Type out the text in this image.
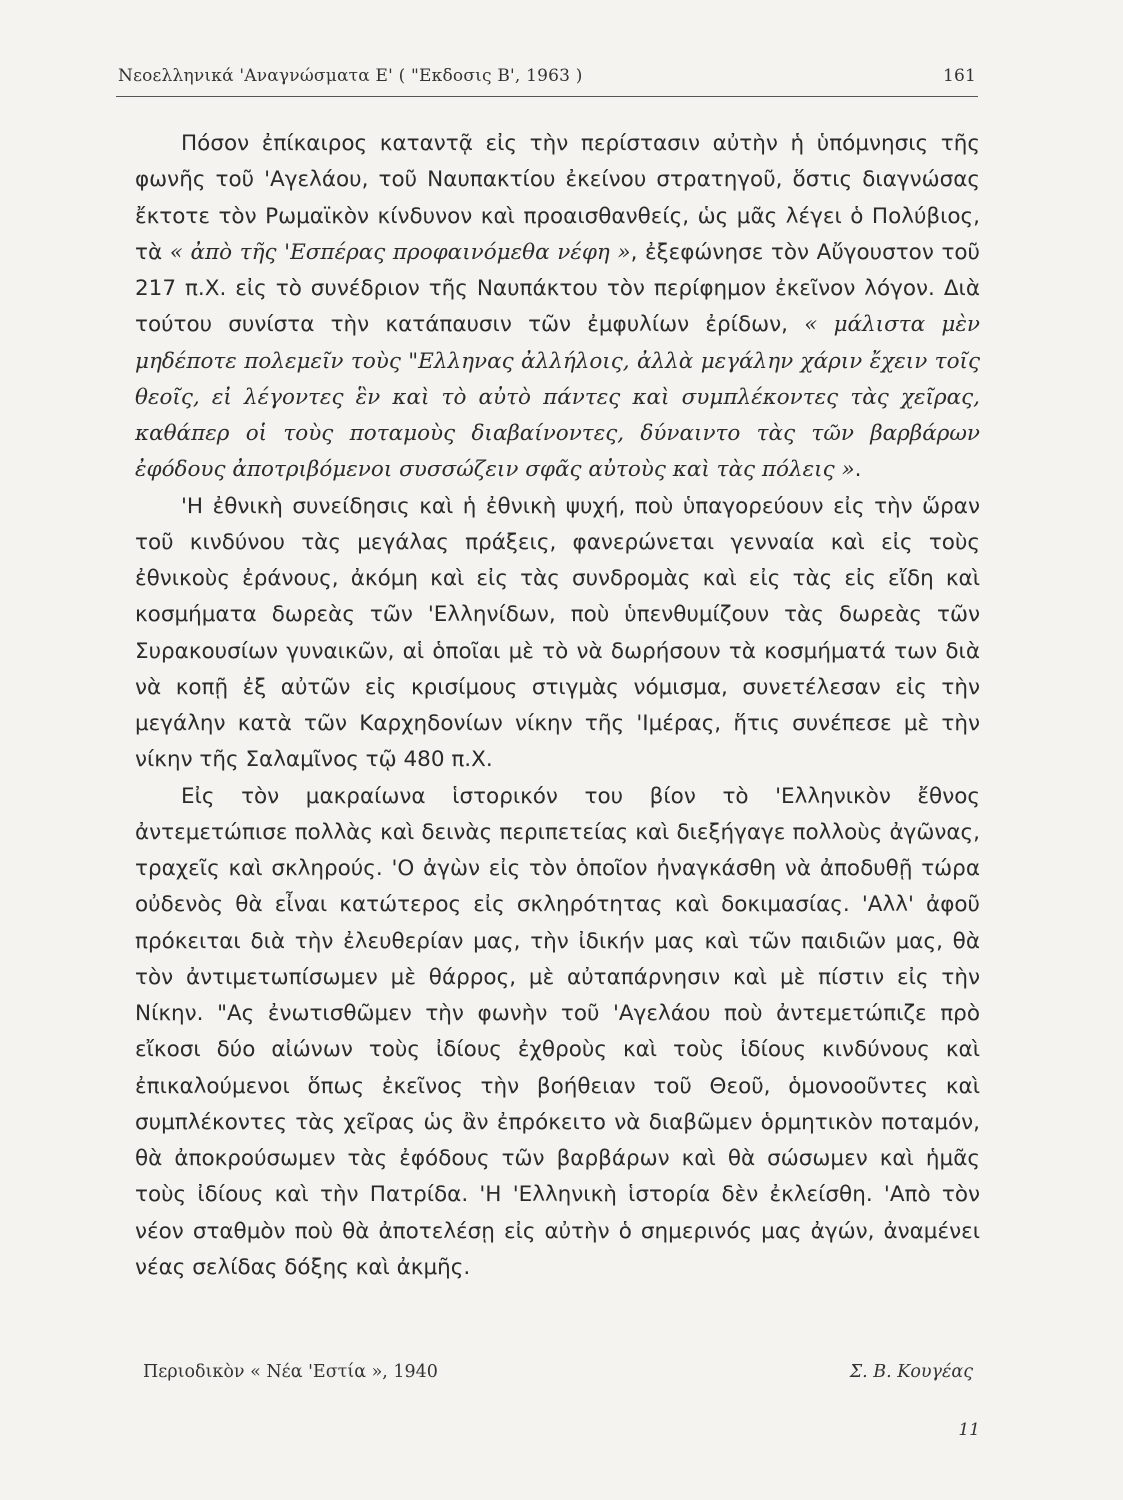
Νεοελληνικά 'Αναγνώσματα Ε' ( "Εκδοσις Β', 1963 )	161

Πόσον ἐπίκαιρος καταντᾷ εἰς τὴν περίστασιν αὐτὴν ἡ ὑπόμνησις τῆς φωνῆς τοῦ 'Αγελάου, τοῦ Ναυπακτίου ἐκείνου στρατηγοῦ, ὅστις διαγνώσας ἔκτοτε τὸν Ρωμαϊκὸν κίνδυνον καὶ προαισθανθείς, ὡς μᾶς λέγει ὁ Πολύβιος, τὰ « ἀπὸ τῆς 'Εσπέρας προφαινόμεθα νέφη », ἐξεφώνησε τὸν Αὔγουστον τοῦ 217 π.Χ. εἰς τὸ συνέδριον τῆς Ναυπάκτου τὸν περίφημον ἐκεῖνον λόγον. Διὰ τούτου συνίστα τὴν κατάπαυσιν τῶν ἐμφυλίων ἐρίδων, « μάλιστα μὲν μηδέποτε πολεμεῖν τοὺς "Ελληνας ἀλλήλοις, ἀλλὰ μεγάλην χάριν ἔχειν τοῖς θεοῖς, εἰ λέγοντες ἓν καὶ τὸ αὐτὸ πάντες καὶ συμπλέκοντες τὰς χεῖρας, καθάπερ οἱ τοὺς ποταμοὺς διαβαίνοντες, δύναιντο τὰς τῶν βαρβάρων ἐφόδους ἀποτριβόμενοι συσσώζειν σφᾶς αὐτοὺς καὶ τὰς πόλεις ».

'Η ἐθνικὴ συνείδησις καὶ ἡ ἐθνικὴ ψυχή, ποὺ ὑπαγορεύουν εἰς τὴν ὥραν τοῦ κινδύνου τὰς μεγάλας πράξεις, φανερώνεται γενναία καὶ εἰς τοὺς ἐθνικοὺς ἐράνους, ἀκόμη καὶ εἰς τὰς συνδρομὰς καὶ εἰς τὰς εἰς εἴδη καὶ κοσμήματα δωρεὰς τῶν 'Ελληνίδων, ποὺ ὑπενθυμίζουν τὰς δωρεὰς τῶν Συρακουσίων γυναικῶν, αἱ ὁποῖαι μὲ τὸ νὰ δωρήσουν τὰ κοσμήματά των διὰ νὰ κοπῇ ἐξ αὐτῶν εἰς κρισίμους στιγμὰς νόμισμα, συνετέλεσαν εἰς τὴν μεγάλην κατὰ τῶν Καρχηδονίων νίκην τῆς 'Ιμέρας, ἥτις συνέπεσε μὲ τὴν νίκην τῆς Σαλαμῖνος τῷ 480 π.Χ.

Εἰς τὸν μακραίωνα ἱστορικόν του βίον τὸ 'Ελληνικὸν ἔθνος ἀντεμετώπισε πολλὰς καὶ δεινὰς περιπετείας καὶ διεξήγαγε πολλοὺς ἀγῶνας, τραχεῖς καὶ σκληρούς. 'Ο ἀγὼν εἰς τὸν ὁποῖον ἠναγκάσθη νὰ ἀποδυθῇ τώρα οὐδενὸς θὰ εἶναι κατώτερος εἰς σκληρότητας καὶ δοκιμασίας. 'Αλλ' ἀφοῦ πρόκειται διὰ τὴν ἐλευθερίαν μας, τὴν ἰδικήν μας καὶ τῶν παιδιῶν μας, θὰ τὸν ἀντιμετωπίσωμεν μὲ θάρρος, μὲ αὐταπάρνησιν καὶ μὲ πίστιν εἰς τὴν Νίκην. "Ας ἐνωτισθῶμεν τὴν φωνὴν τοῦ 'Αγελάου ποὺ ἀντεμετώπιζε πρὸ εἴκοσι δύο αἰώνων τοὺς ἰδίους ἐχθροὺς καὶ τοὺς ἰδίους κινδύνους καὶ ἐπικαλούμενοι ὅπως ἐκεῖνος τὴν βοήθειαν τοῦ Θεοῦ, ὁμονοοῦντες καὶ συμπλέκοντες τὰς χεῖρας ὡς ἂν ἐπρόκειτο νὰ διαβῶμεν ὁρμητικὸν ποταμόν, θὰ ἀποκρούσωμεν τὰς ἐφόδους τῶν βαρβάρων καὶ θὰ σώσωμεν καὶ ἡμᾶς τοὺς ἰδίους καὶ τὴν Πατρίδα. 'Η 'Ελληνικὴ ἱστορία δὲν ἐκλείσθη. 'Απὸ τὸν νέον σταθμὸν ποὺ θὰ ἀποτελέσῃ εἰς αὐτὴν ὁ σημερινός μας ἀγών, ἀναμένει νέας σελίδας δόξης καὶ ἀκμῆς.

Περιοδικὸν « Νέα 'Εστία », 1940	Σ. Β. Κουγέας
11
